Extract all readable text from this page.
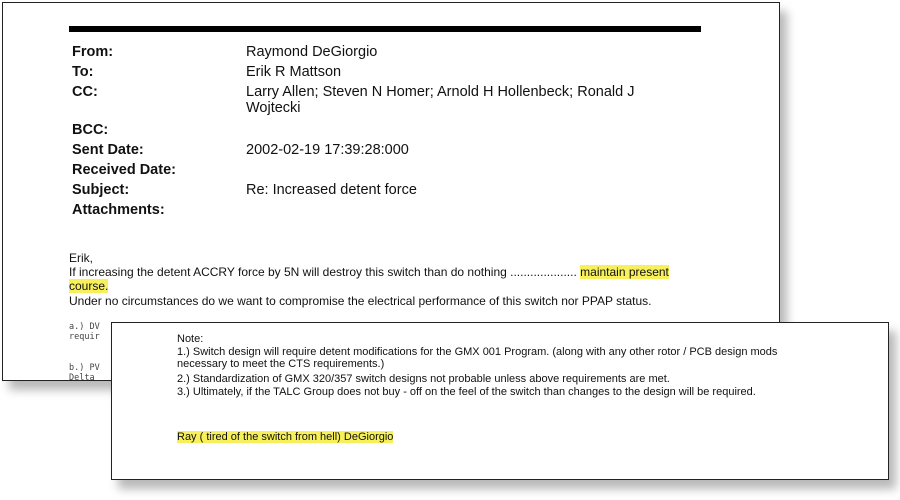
From:	Raymond DeGiorgio
To:	Erik R Mattson
CC:	Larry Allen; Steven N Homer; Arnold H Hollenbeck; Ronald J Wojtecki
BCC:
Sent Date:	2002-02-19 17:39:28:000
Received Date:
Subject:	Re: Increased detent force
Attachments:
Erik,
If increasing the detent ACCRY force by 5N will destroy this switch than do nothing .................... maintain present
course.
Under no circumstances do we want to compromise the electrical performance of this switch nor PPAP status.
a.) DV
requir
b.) PV
Delta
Note:
1.) Switch design will require detent modifications for the GMX 001 Program. (along with any other rotor / PCB design mods necessary to meet the CTS requirements.)
2.) Standardization of GMX 320/357 switch designs not probable unless above requirements are met.
3.) Ultimately, if the TALC Group does not buy - off on the feel of the switch than changes to the design will be required.
Ray ( tired of the switch from hell) DeGiorgio
